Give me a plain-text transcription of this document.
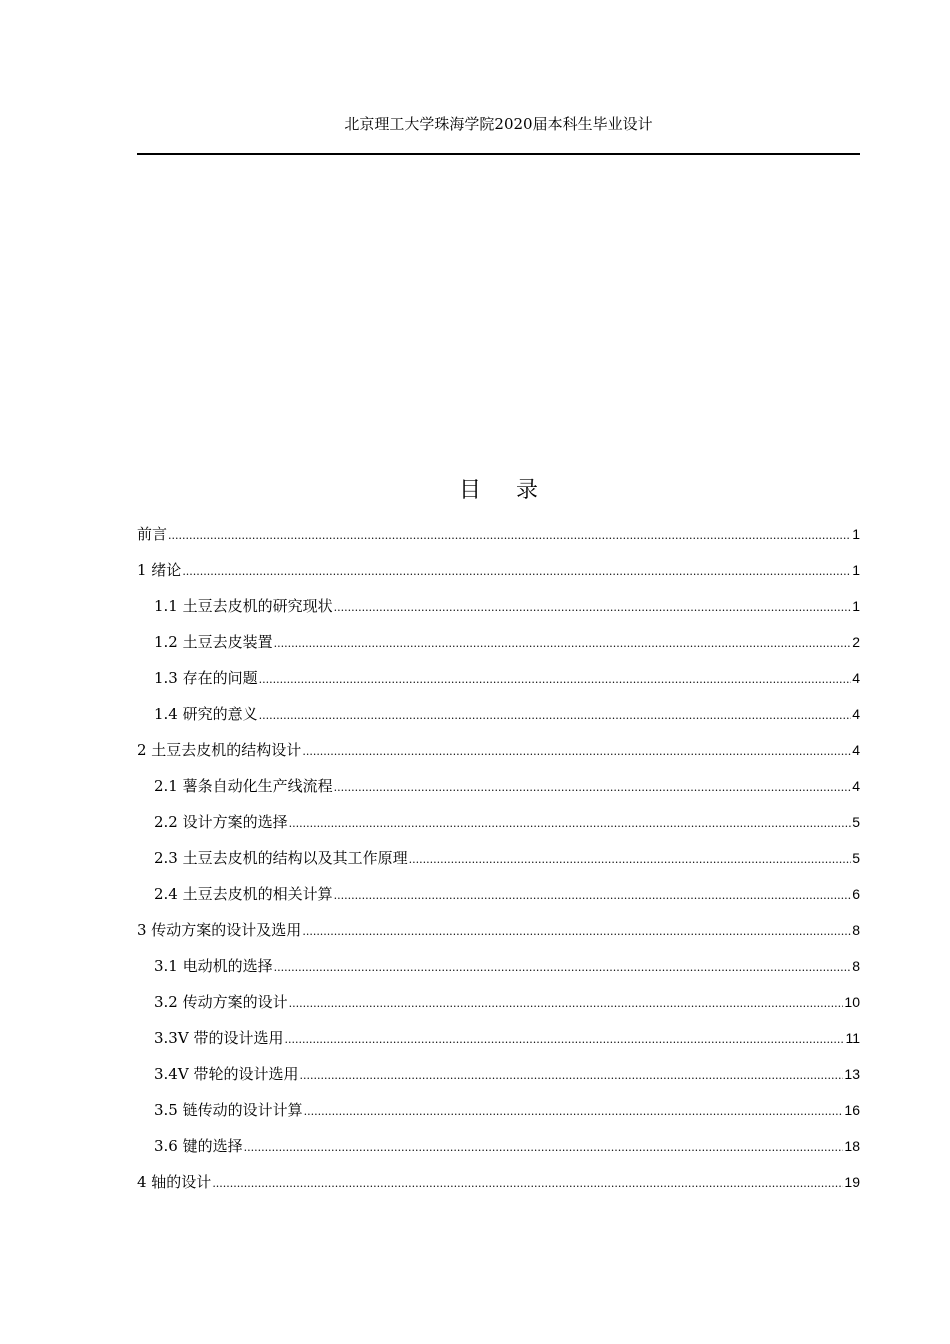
北京理工大学珠海学院2020届本科生毕业设计
目 录
前言 .....	1
1 绪论 .....	1
1.1 土豆去皮机的研究现状 .....	1
1.2 土豆去皮装置 .....	2
1.3 存在的问题 .....	4
1.4 研究的意义 .....	4
2 土豆去皮机的结构设计 .....	4
2.1 薯条自动化生产线流程 .....	4
2.2 设计方案的选择 .....	5
2.3 土豆去皮机的结构以及其工作原理 .....	5
2.4 土豆去皮机的相关计算 .....	6
3 传动方案的设计及选用 .....	8
3.1 电动机的选择 .....	8
3.2 传动方案的设计 .....	10
3.3V 带的设计选用 .....	11
3.4V 带轮的设计选用 .....	13
3.5 链传动的设计计算 .....	16
3.6 键的选择 .....	18
4 轴的设计 .....	19
